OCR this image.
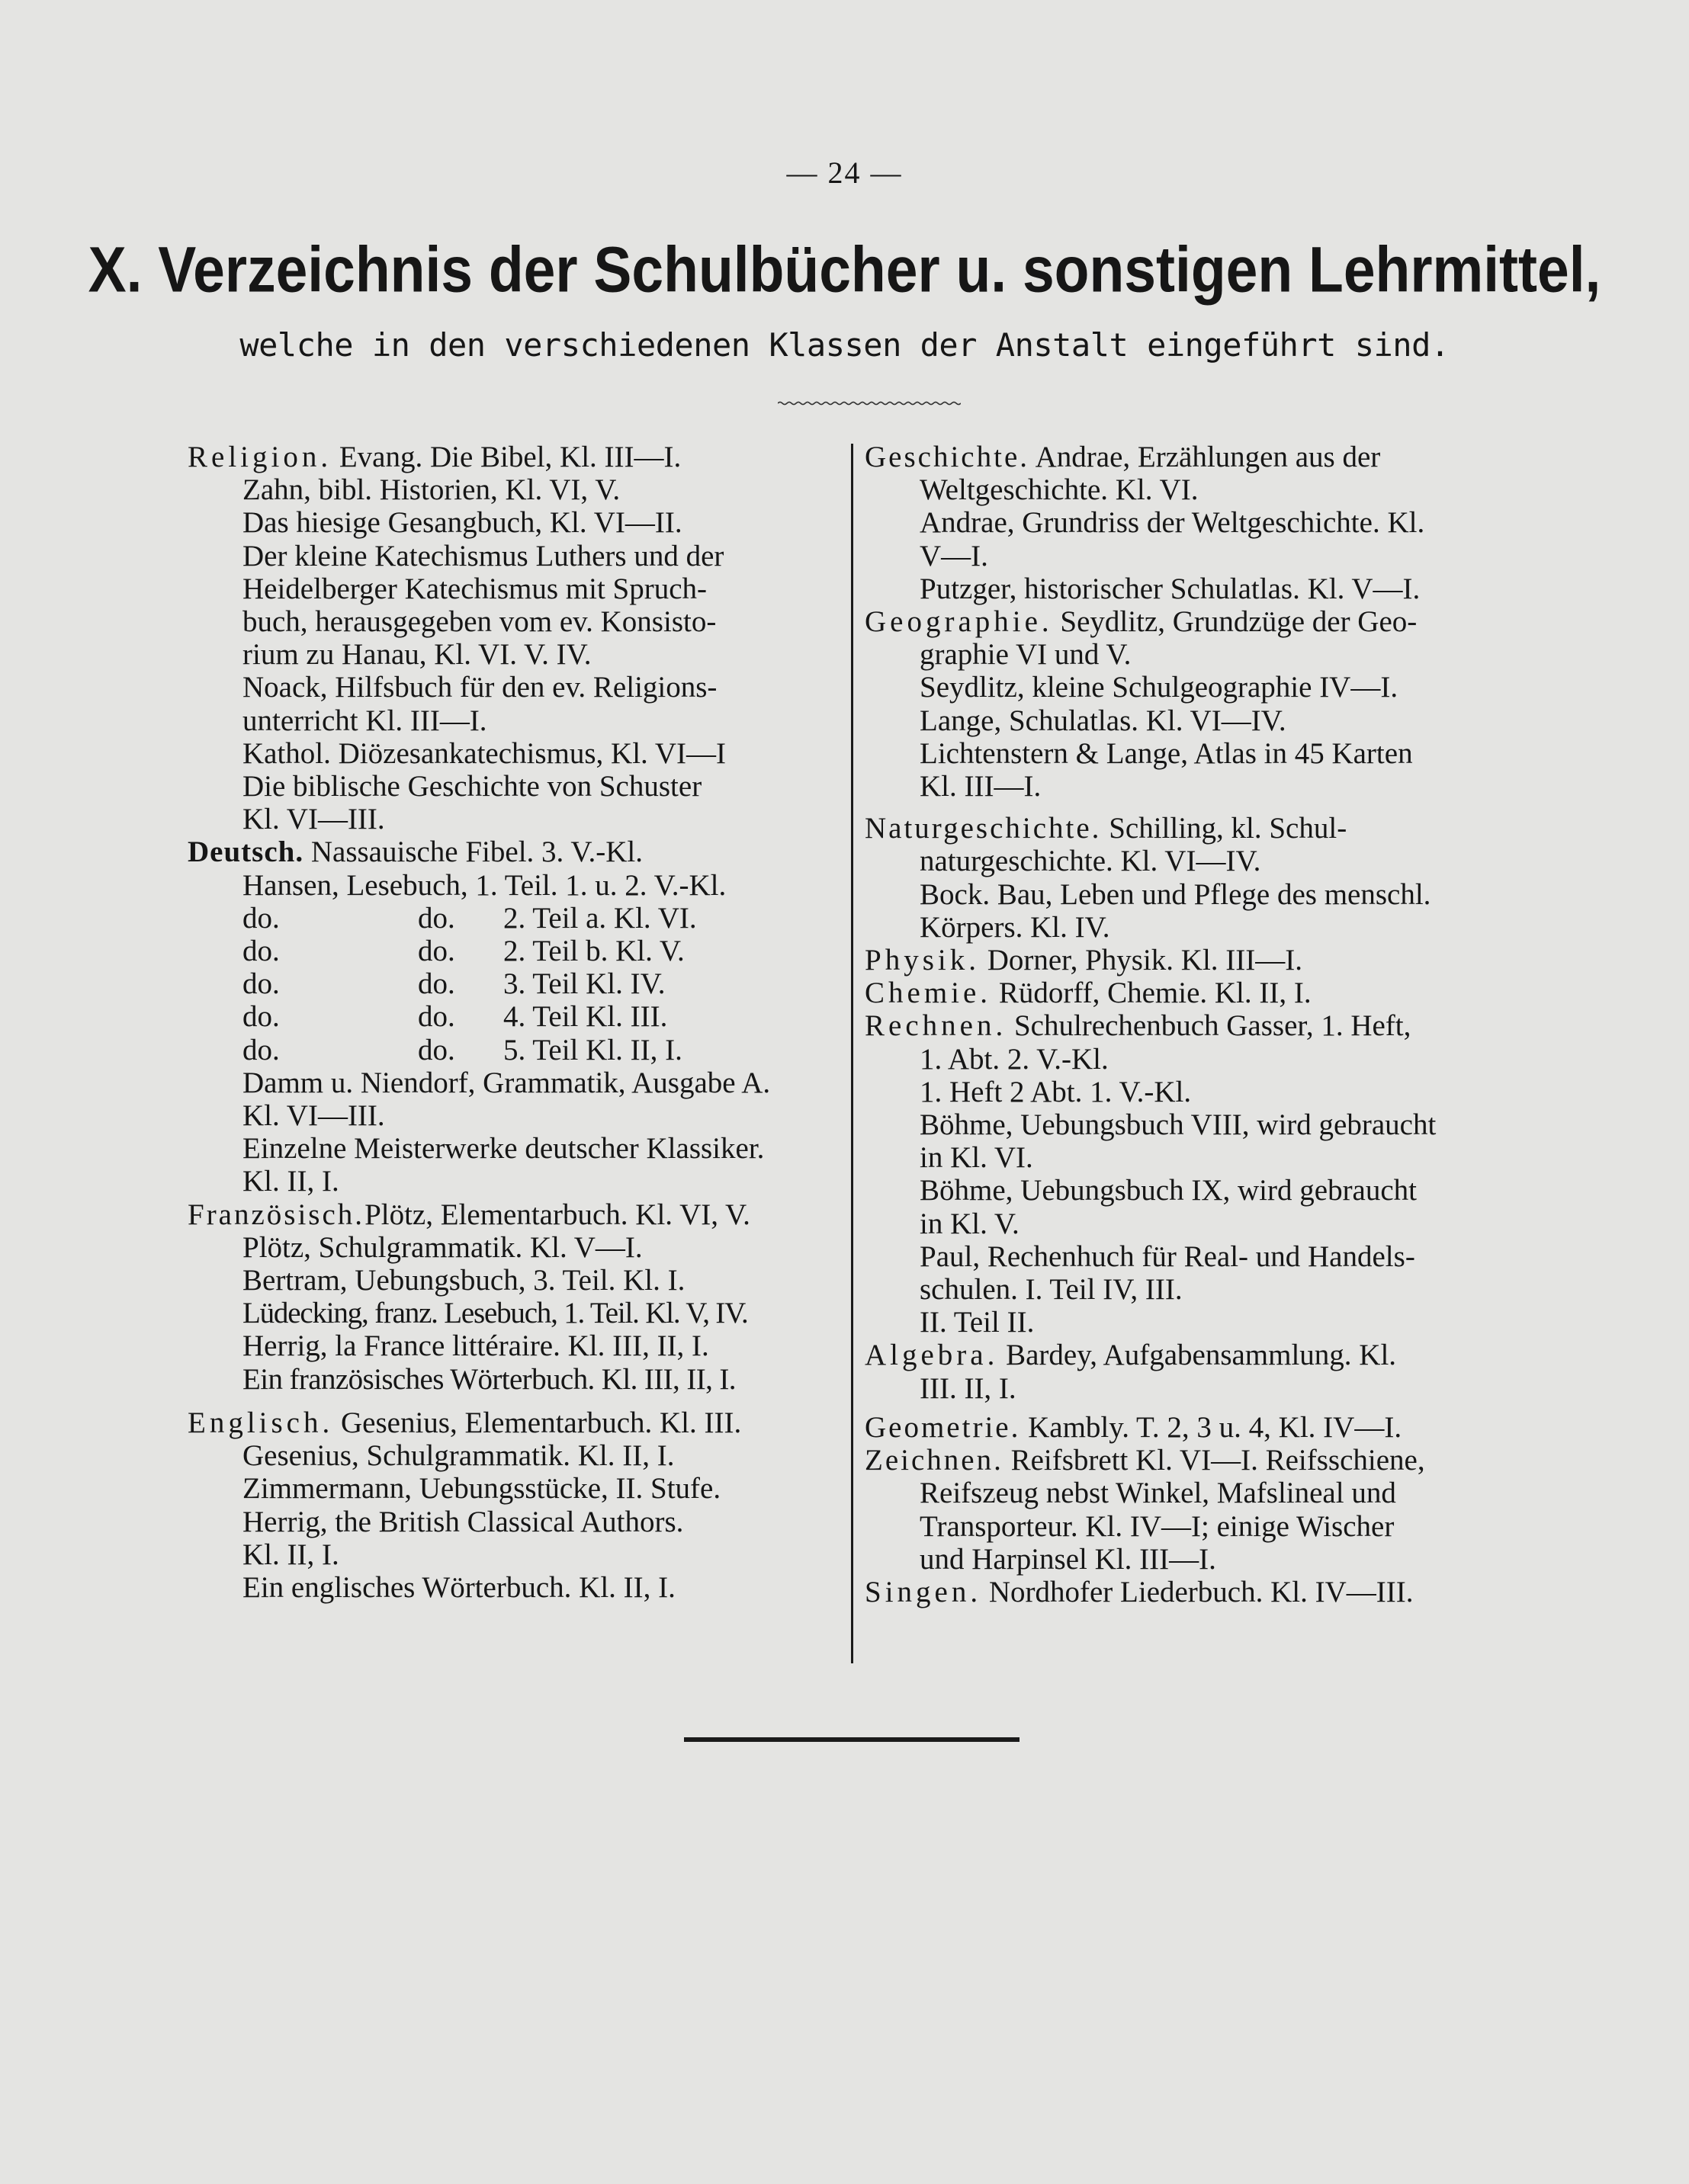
— 24 —
X. Verzeichnis der Schulbücher u. sonstigen Lehrmittel,
welche in den verschiedenen Klassen der Anstalt eingeführt sind.
Religion. Evang. Die Bibel, Kl. III—I.
Zahn, bibl. Historien, Kl. VI, V.
Das hiesige Gesangbuch, Kl. VI—II.
Der kleine Katechismus Luthers und der
Heidelberger Katechismus mit Spruch-
buch, herausgegeben vom ev. Konsisto-
rium zu Hanau, Kl. VI. V. IV.
Noack, Hilfsbuch für den ev. Religions-
unterricht Kl. III—I.
Kathol. Diözesankatechismus, Kl. VI—I
Die biblische Geschichte von Schuster
Kl. VI—III.
Deutsch. Nassauische Fibel. 3. V.-Kl.
Hansen, Lesebuch, 1. Teil. 1. u. 2. V.-Kl.
do.	do. 2. Teil a. Kl. VI.
do.	do. 2. Teil b. Kl. V.
do.	do. 3. Teil Kl. IV.
do.	do. 4. Teil Kl. III.
do.	do. 5. Teil Kl. II, I.
Damm u. Niendorf, Grammatik, Ausgabe A.
Kl. VI—III.
Einzelne Meisterwerke deutscher Klassiker.
Kl. II, I.
Französisch.Plötz, Elementarbuch. Kl. VI, V.
Plötz, Schulgrammatik. Kl. V—I.
Bertram, Uebungsbuch, 3. Teil. Kl. I.
Lüdecking, franz. Lesebuch, 1. Teil. Kl. V, IV.
Herrig, la France littéraire. Kl. III, II, I.
Ein französisches Wörterbuch. Kl. III, II, I.
Englisch. Gesenius, Elementarbuch. Kl. III.
Gesenius, Schulgrammatik. Kl. II, I.
Zimmermann, Uebungsstücke, II. Stufe.
Herrig, the British Classical Authors.
Kl. II, I.
Ein englisches Wörterbuch. Kl. II, I.
Geschichte. Andrae, Erzählungen aus der
Weltgeschichte. Kl. VI.
Andrae, Grundriss der Weltgeschichte. Kl.
V—I.
Putzger, historischer Schulatlas. Kl. V—I.
Geographie. Seydlitz, Grundzüge der Geo-
graphie VI und V.
Seydlitz, kleine Schulgeographie IV—I.
Lange, Schulatlas. Kl. VI—IV.
Lichtenstern & Lange, Atlas in 45 Karten
Kl. III—I.
Naturgeschichte. Schilling, kl. Schul-
naturgeschichte. Kl. VI—IV.
Bock. Bau, Leben und Pflege des menschl.
Körpers. Kl. IV.
Physik. Dorner, Physik. Kl. III—I.
Chemie. Rüdorff, Chemie. Kl. II, I.
Rechnen. Schulrechenbuch Gasser, 1. Heft,
1. Abt. 2. V.-Kl.
1. Heft 2 Abt. 1. V.-Kl.
Böhme, Uebungsbuch VIII, wird gebraucht
in Kl. VI.
Böhme, Uebungsbuch IX, wird gebraucht
in Kl. V.
Paul, Rechenhuch für Real- und Handels-
schulen. I. Teil IV, III.
II. Teil II.
Algebra. Bardey, Aufgabensammlung. Kl.
III. II, I.
Geometrie. Kambly. T. 2, 3 u. 4, Kl. IV—I.
Zeichnen. Reifsbrett Kl. VI—I. Reifsschiene,
Reifszeug nebst Winkel, Mafslineal und
Transporteur. Kl. IV—I; einige Wischer
und Harpinsel Kl. III—I.
Singen. Nordhofer Liederbuch. Kl. IV—III.
